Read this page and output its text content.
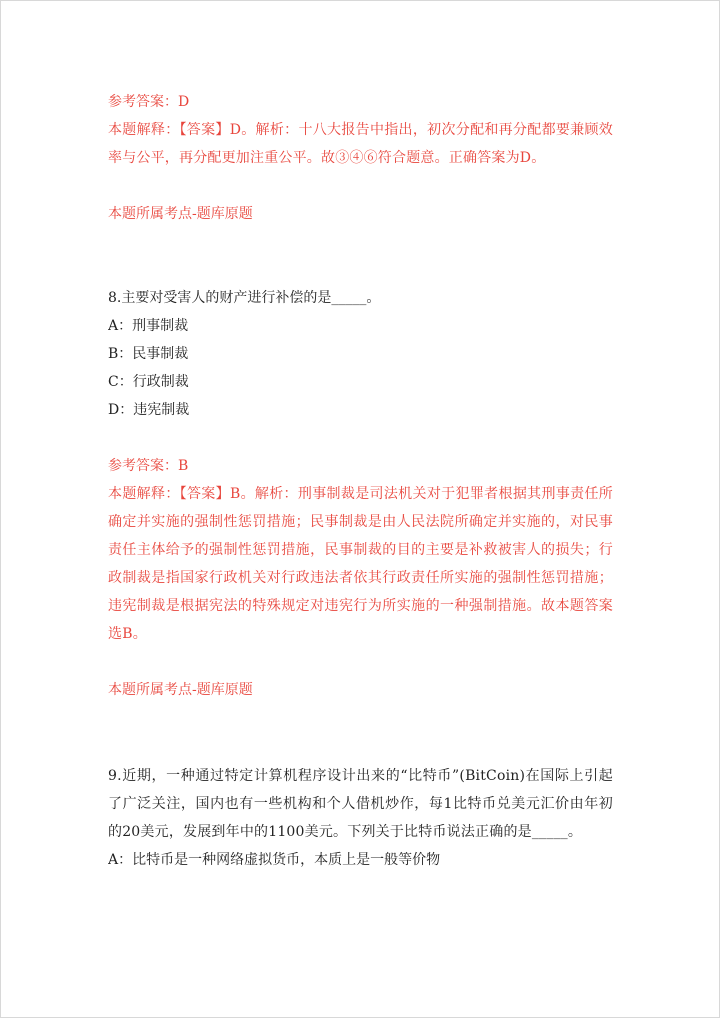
参考答案：D
本题解释：【答案】D。解析：十八大报告中指出，初次分配和再分配都要兼顾效率与公平，再分配更加注重公平。故③④⑥符合题意。正确答案为D。
本题所属考点-题库原题
8.主要对受害人的财产进行补偿的是_____。
A：刑事制裁
B：民事制裁
C：行政制裁
D：违宪制裁
参考答案：B
本题解释：【答案】B。解析：刑事制裁是司法机关对于犯罪者根据其刑事责任所确定并实施的强制性惩罚措施；民事制裁是由人民法院所确定并实施的，对民事责任主体给予的强制性惩罚措施，民事制裁的目的主要是补救被害人的损失；行政制裁是指国家行政机关对行政违法者依其行政责任所实施的强制性惩罚措施；违宪制裁是根据宪法的特殊规定对违宪行为所实施的一种强制措施。故本题答案选B。
本题所属考点-题库原题
9.近期，一种通过特定计算机程序设计出来的“比特币”(BitCoin)在国际上引起了广泛关注，国内也有一些机构和个人借机炒作，每1比特币兑美元汇价由年初的20美元，发展到年中的1100美元。下列关于比特币说法正确的是_____。
A：比特币是一种网络虚拟货币，本质上是一般等价物
